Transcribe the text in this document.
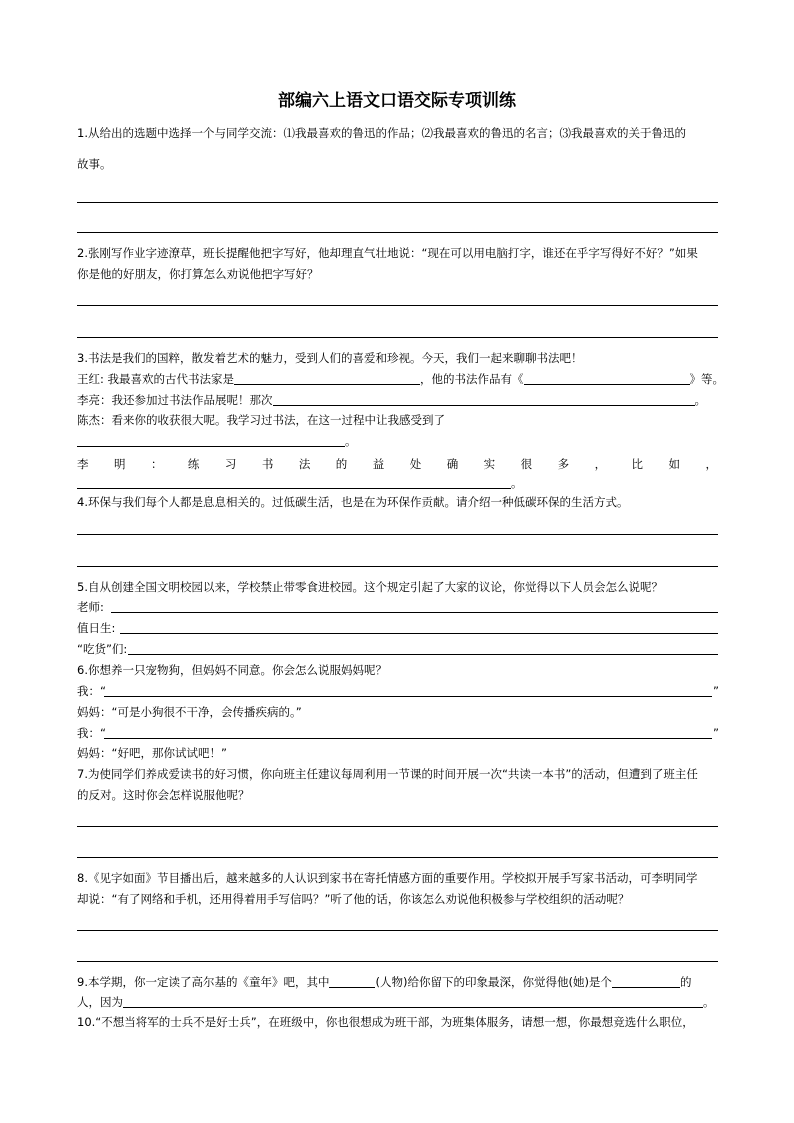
部编六上语文口语交际专项训练
1.从给出的选题中选择一个与同学交流：⑴我最喜欢的鲁迅的作品；⑵我最喜欢的鲁迅的名言；⑶我最喜欢的关于鲁迅的
故事。
2.张刚写作业字迹潦草，班长提醒他把字写好，他却理直气壮地说：“现在可以用电脑打字，谁还在乎字写得好不好？”如果
你是他的好朋友，你打算怎么劝说他把字写好？
3.书法是我们的国粹，散发着艺术的魅力，受到人们的喜爱和珍视。今天，我们一起来聊聊书法吧！
王红: 我最喜欢的古代书法家是	，他的书法作品有《	》等。
李亮：我还参加过书法作品展呢！那次	。
陈杰：看来你的收获很大呢。我学习过书法，在这一过程中让我感受到了
。
李 明 ： 练 习 书 法 的 益 处 确 实 很 多 ， 比 如 ，
。
4.环保与我们每个人都是息息相关的。过低碳生活，也是在为环保作贡献。请介绍一种低碳环保的生活方式。
5.自从创建全国文明校园以来，学校禁止带零食进校园。这个规定引起了大家的议论，你觉得以下人员会怎么说呢？
老师:
值日生:
“吃货”们:
6.你想养一只宠物狗，但妈妈不同意。你会怎么说服妈妈呢？
我：“	”
妈妈：“可是小狗很不干净，会传播疾病的。”
我：“	”
妈妈：“好吧，那你试试吧！”
7.为使同学们养成爱读书的好习惯，你向班主任建议每周利用一节课的时间开展一次“共读一本书”的活动，但遭到了班主任
的反对。这时你会怎样说服他呢？
8.《见字如面》节目播出后，越来越多的人认识到家书在寄托情感方面的重要作用。学校拟开展手写家书活动，可李明同学
却说：“有了网络和手机，还用得着用手写信吗？”听了他的话，你该怎么劝说他积极参与学校组织的活动呢？
9.本学期，你一定读了高尔基的《童年》吧，其中	(人物)给你留下的印象最深，你觉得他(她)是个	的
人，因为	。
10.“不想当将军的士兵不是好士兵”，在班级中，你也很想成为班干部，为班集体服务，请想一想，你最想竞选什么职位，
